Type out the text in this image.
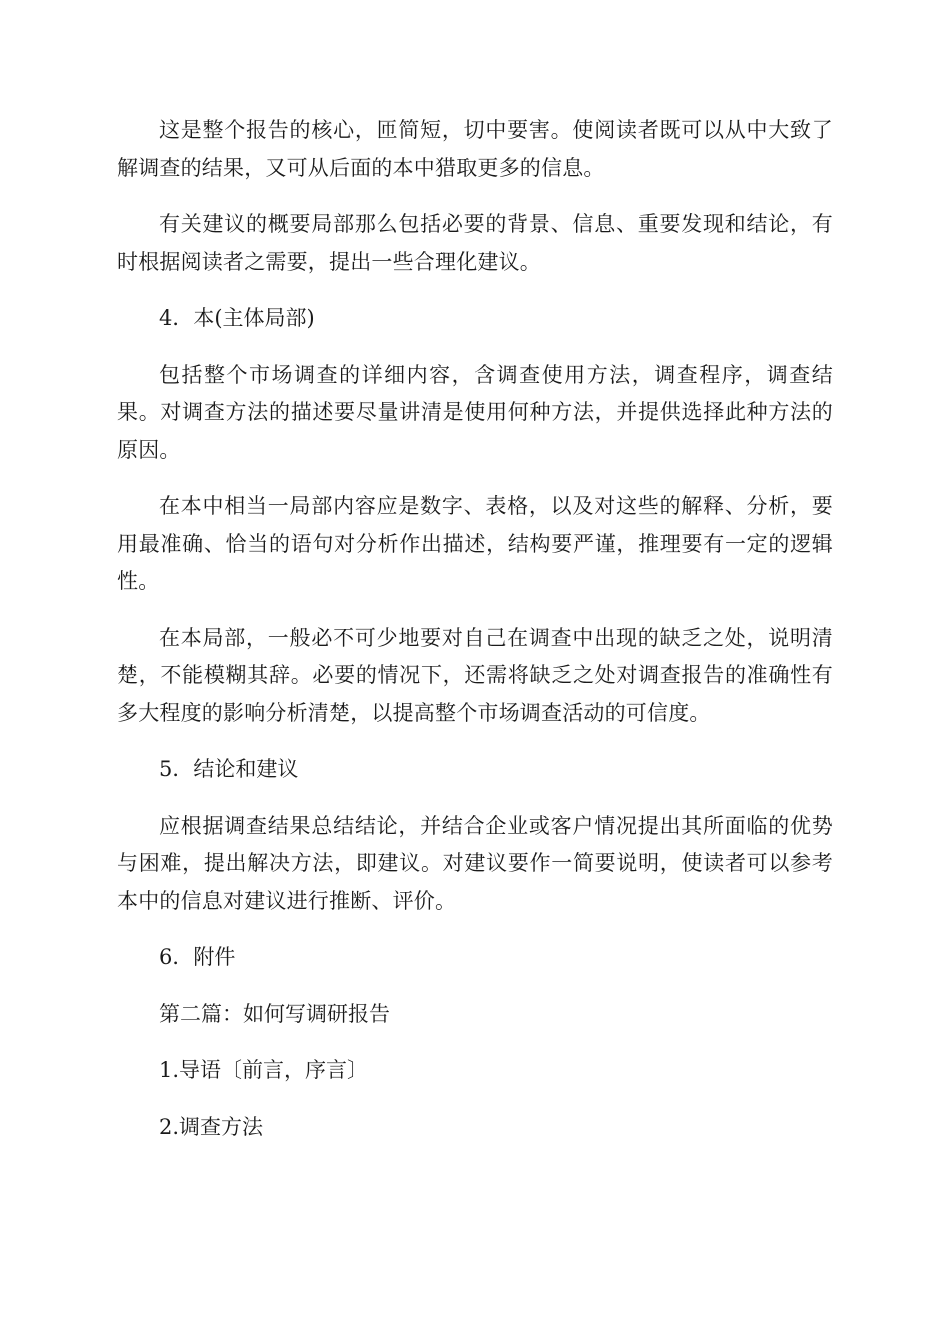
这是整个报告的核心，匝简短，切中要害。使阅读者既可以从中大致了解调查的结果，又可从后面的本中猎取更多的信息。

有关建议的概要局部那么包括必要的背景、信息、重要发现和结论，有时根据阅读者之需要，提出一些合理化建议。

4．本(主体局部)

包括整个市场调查的详细内容，含调查使用方法，调查程序，调查结果。对调查方法的描述要尽量讲清是使用何种方法，并提供选择此种方法的原因。

在本中相当一局部内容应是数字、表格，以及对这些的解释、分析，要用最准确、恰当的语句对分析作出描述，结构要严谨，推理要有一定的逻辑性。

在本局部，一般必不可少地要对自己在调查中出现的缺乏之处，说明清楚，不能模糊其辞。必要的情况下，还需将缺乏之处对调查报告的准确性有多大程度的影响分析清楚，以提高整个市场调查活动的可信度。

5．结论和建议

应根据调查结果总结结论，并结合企业或客户情况提出其所面临的优势与困难，提出解决方法，即建议。对建议要作一简要说明，使读者可以参考本中的信息对建议进行推断、评价。

6．附件

第二篇：如何写调研报告

1.导语〔前言，序言〕

2.调查方法
